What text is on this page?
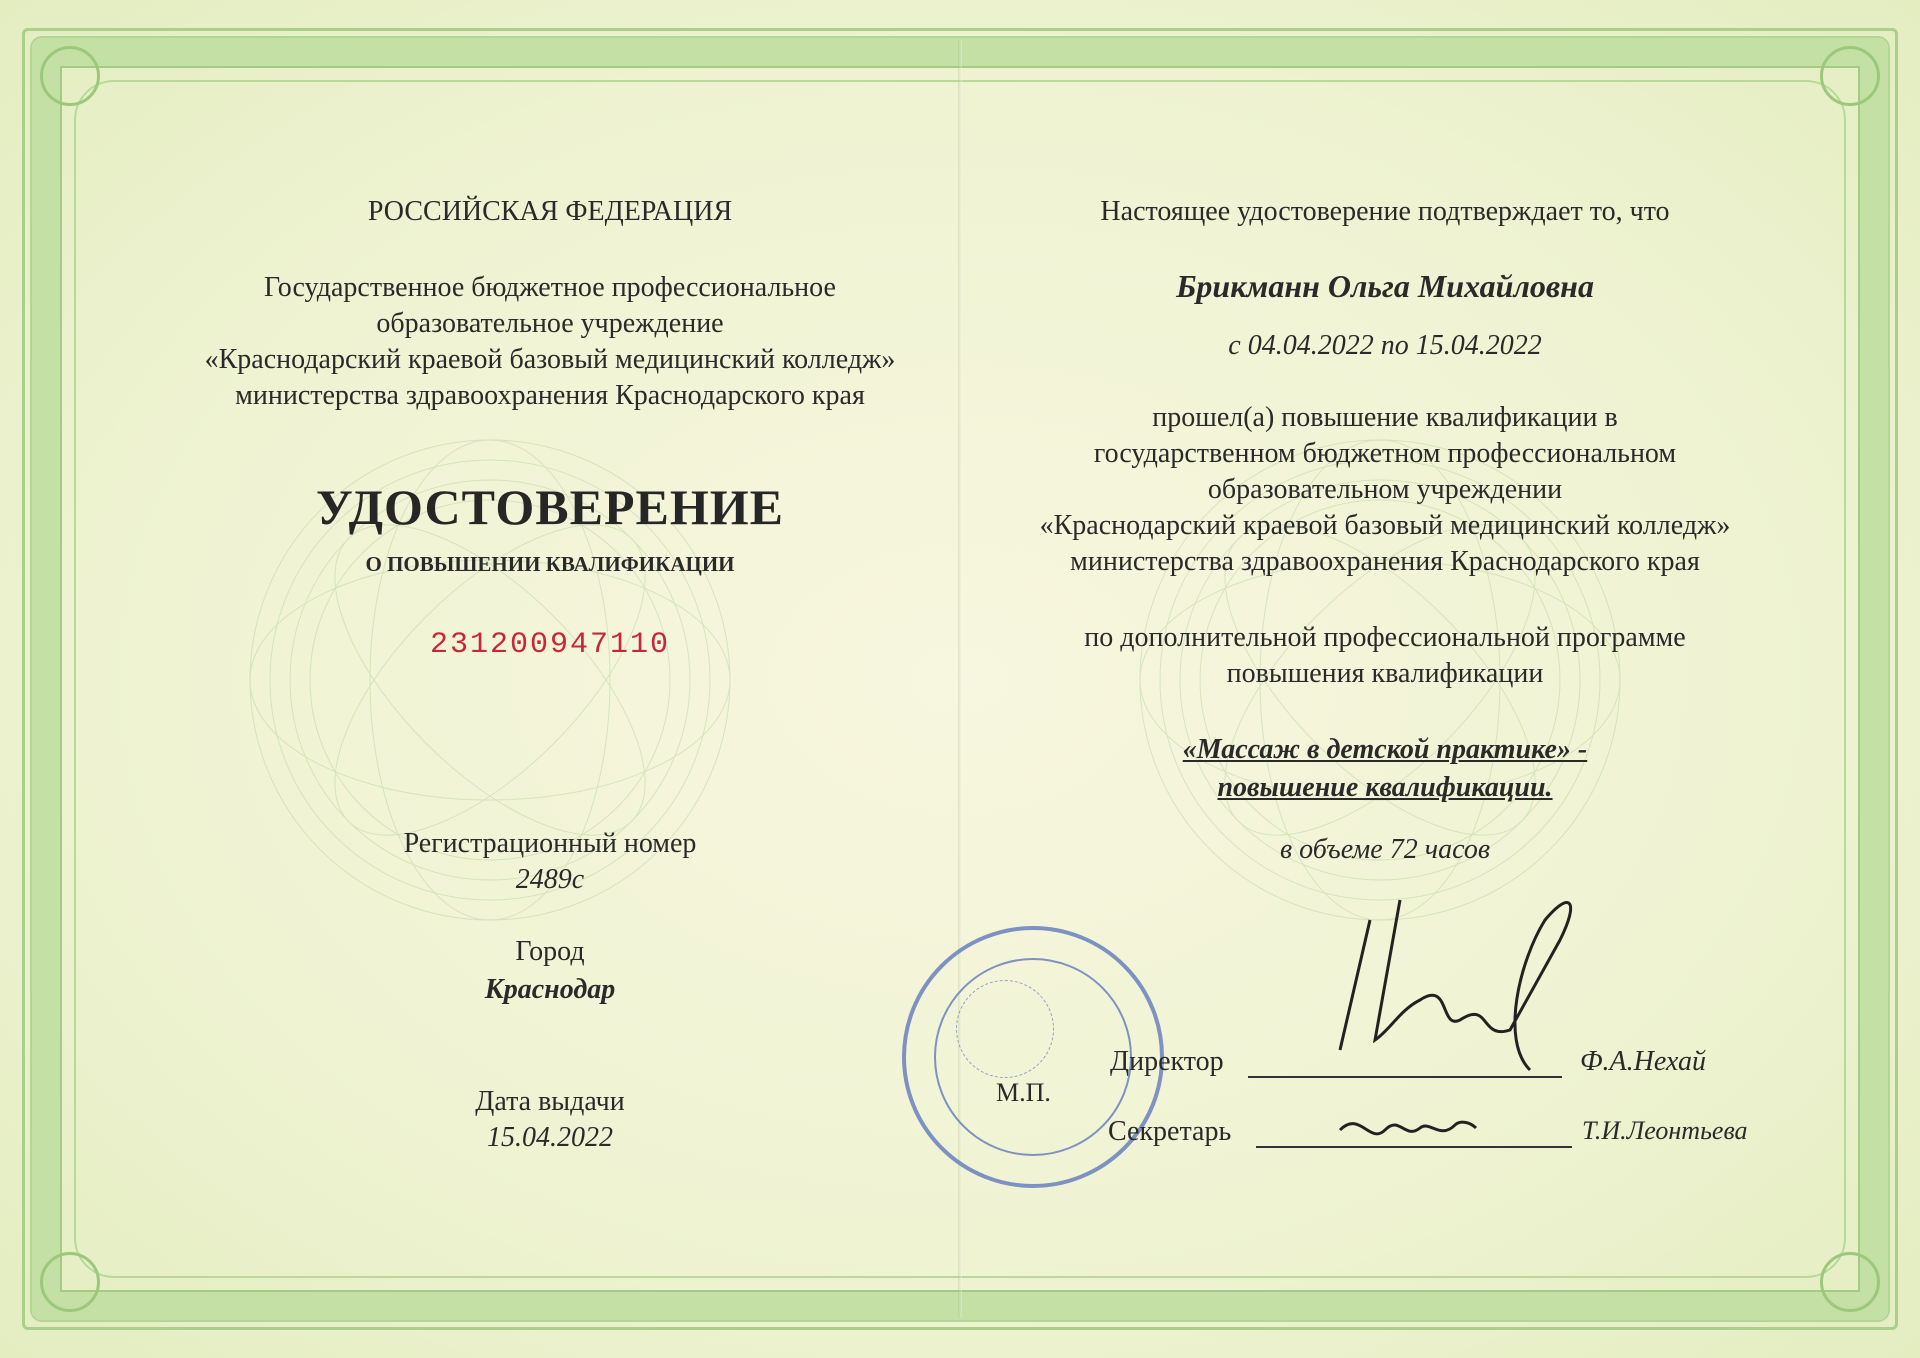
РОССИЙСКАЯ ФЕДЕРАЦИЯ
Государственное бюджетное профессиональное
образовательное учреждение
«Краснодарский краевой базовый медицинский колледж»
министерства здравоохранения Краснодарского края
УДОСТОВЕРЕНИЕ
О ПОВЫШЕНИИ КВАЛИФИКАЦИИ
231200947110
Регистрационный номер
2489с
Город
Краснодар
Дата выдачи
15.04.2022
Настоящее удостоверение подтверждает то, что
Брикманн Ольга Михайловна
с 04.04.2022 по 15.04.2022
прошел(а) повышение квалификации в
государственном бюджетном профессиональном
образовательном учреждении
«Краснодарский краевой базовый медицинский колледж»
министерства здравоохранения Краснодарского края
по дополнительной профессиональной программе
повышения квалификации
«Массаж в детской практике» -
повышение квалификации.
в объеме 72 часов
М.П.
Директор	Ф.А.Нехай
Секретарь	Т.И.Леонтьева
